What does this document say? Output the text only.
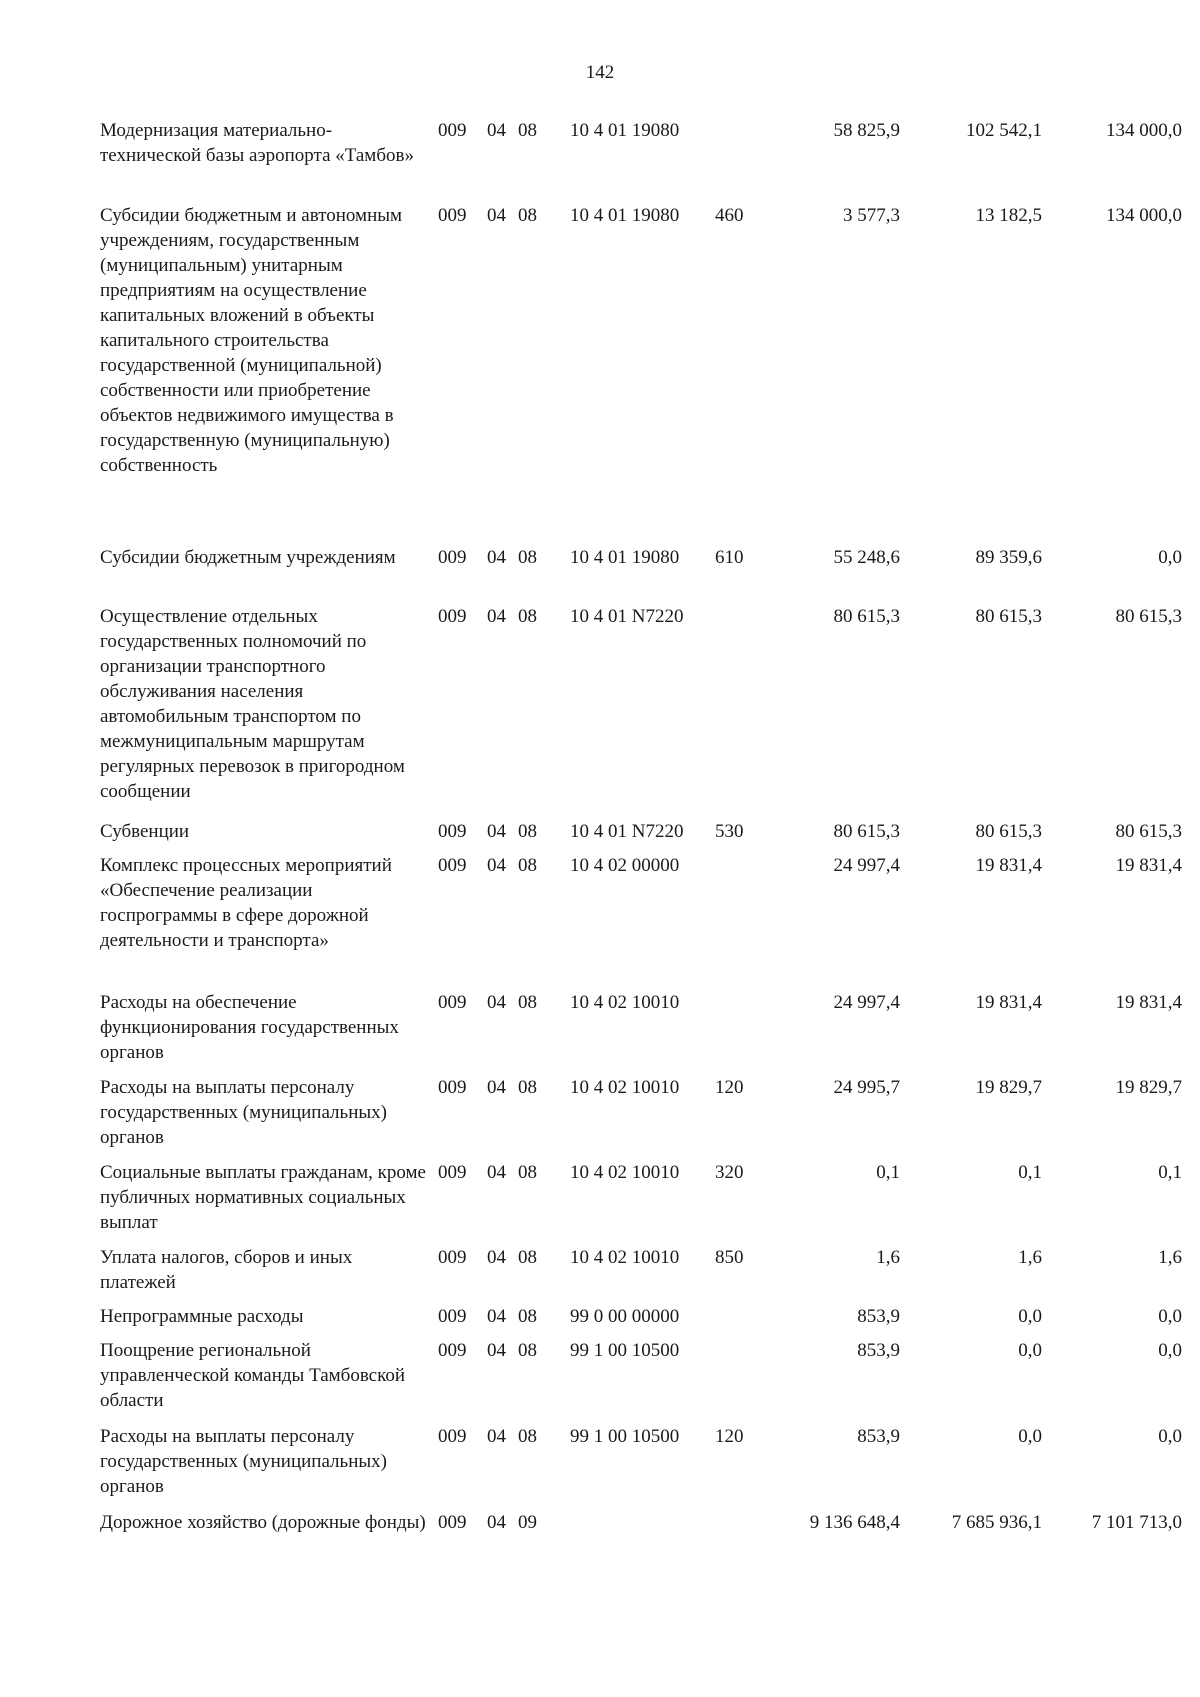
142
Модернизация материально-технической базы аэропорта «Тамбов»
009 04 08 10 4 01 19080	58 825,9	102 542,1	134 000,0
Субсидии бюджетным и автономным учреждениям, государственным (муниципальным) унитарным предприятиям на осуществление капитальных вложений в объекты капитального строительства государственной (муниципальной) собственности или приобретение объектов недвижимого имущества в государственную (муниципальную) собственность
009 04 08 10 4 01 19080 460	3 577,3	13 182,5	134 000,0
Субсидии бюджетным учреждениям	009 04 08 10 4 01 19080 610	55 248,6	89 359,6	0,0
Осуществление отдельных государственных полномочий по организации транспортного обслуживания населения автомобильным транспортом по межмуниципальным маршрутам регулярных перевозок в пригородном сообщении
009 04 08 10 4 01 N7220	80 615,3	80 615,3	80 615,3
Субвенции	009 04 08 10 4 01 N7220 530	80 615,3	80 615,3	80 615,3
Комплекс процессных мероприятий «Обеспечение реализации госпрограммы в сфере дорожной деятельности и транспорта»
009 04 08 10 4 02 00000	24 997,4	19 831,4	19 831,4
Расходы на обеспечение функционирования государственных органов
009 04 08 10 4 02 10010	24 997,4	19 831,4	19 831,4
Расходы на выплаты персоналу государственных (муниципальных) органов
009 04 08 10 4 02 10010 120	24 995,7	19 829,7	19 829,7
Социальные выплаты гражданам, кроме публичных нормативных социальных выплат
009 04 08 10 4 02 10010 320	0,1	0,1	0,1
Уплата налогов, сборов и иных платежей
009 04 08 10 4 02 10010 850	1,6	1,6	1,6
Непрограммные расходы	009 04 08 99 0 00 00000	853,9	0,0	0,0
Поощрение региональной управленческой команды Тамбовской области
009 04 08 99 1 00 10500	853,9	0,0	0,0
Расходы на выплаты персоналу государственных (муниципальных) органов
009 04 08 99 1 00 10500 120	853,9	0,0	0,0
Дорожное хозяйство (дорожные фонды) 009 04 09	9 136 648,4	7 685 936,1	7 101 713,0
